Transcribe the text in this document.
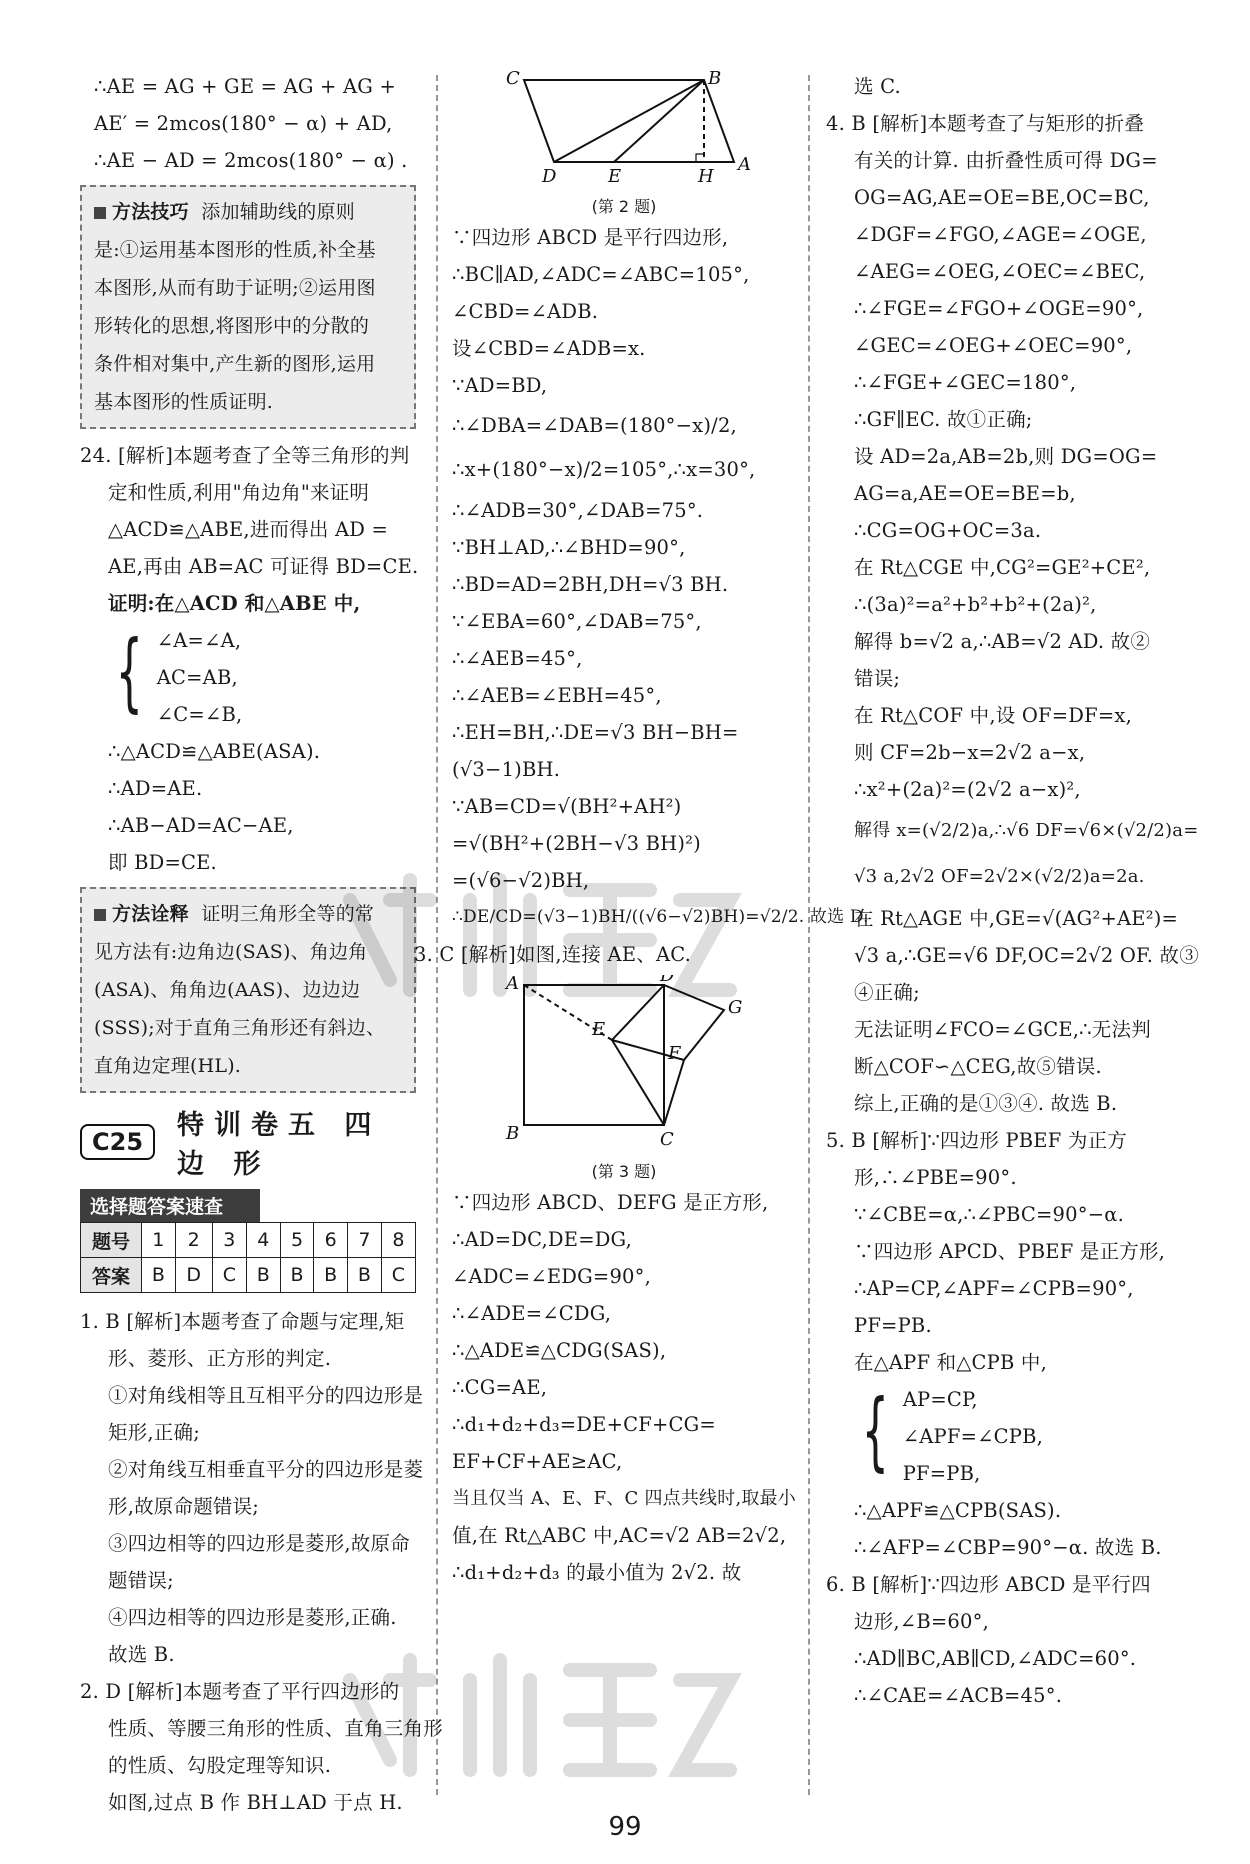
∴AE = AG + GE = AG + AG +
AE′ = 2mcos(180° − α) + AD,
∴AE − AD = 2mcos(180° − α) .
方法技巧 添加辅助线的原则
是:①运用基本图形的性质,补全基
本图形,从而有助于证明;②运用图
形转化的思想,将图形中的分散的
条件相对集中,产生新的图形,运用
基本图形的性质证明.
24. [解析]本题考查了全等三角形的判
定和性质,利用"角边角"来证明
△ACD≌△ABE,进而得出 AD =
AE,再由 AB=AC 可证得 BD=CE.
证明:在△ACD 和△ABE 中,
{ ∠A=∠A,
AC=AB,
∠C=∠B,
∴△ACD≌△ABE(ASA).
∴AD=AE.
∴AB−AD=AC−AE,
即 BD=CE.
方法诠释 证明三角形全等的常
见方法有:边角边(SAS)、角边角
(ASA)、角角边(AAS)、边边边
(SSS);对于直角三角形还有斜边、
直角边定理(HL).
C25
特训卷五 四 边 形
选择题答案速查
题号	1	2	3	4	5	6	7	8
答案	B	D	C	B	B	B	B	C
1. B [解析]本题考查了命题与定理,矩
形、菱形、正方形的判定.
①对角线相等且互相平分的四边形是
矩形,正确;
②对角线互相垂直平分的四边形是菱
形,故原命题错误;
③四边相等的四边形是菱形,故原命
题错误;
④四边相等的四边形是菱形,正确.
故选 B.
2. D [解析]本题考查了平行四边形的
性质、等腰三角形的性质、直角三角形
的性质、勾股定理等知识.
如图,过点 B 作 BH⊥AD 于点 H.
C	B
D	E	H
A
(第 2 题)
∵四边形 ABCD 是平行四边形,
∴BC∥AD,∠ADC=∠ABC=105°,
∠CBD=∠ADB.
设∠CBD=∠ADB=x.
∵AD=BD,
∴∠DBA=∠DAB=(180°−x)/2,
∴x+(180°−x)/2=105°,∴x=30°,
∴∠ADB=30°,∠DAB=75°.
∵BH⊥AD,∴∠BHD=90°,
∴BD=AD=2BH,DH=√3 BH.
∵∠EBA=60°,∠DAB=75°,
∴∠AEB=45°,
∴∠AEB=∠EBH=45°,
∴EH=BH,∴DE=√3 BH−BH=
(√3−1)BH.
∵AB=CD=√(BH²+AH²)
=√(BH²+(2BH−√3 BH)²)
=(√6−√2)BH,
∴DE/CD=(√3−1)BH/((√6−√2)BH)=√2/2. 故选 D.
3. C [解析]如图,连接 AE、AC.
A	D
G
E
F
B	C
(第 3 题)
∵四边形 ABCD、DEFG 是正方形,
∴AD=DC,DE=DG,
∠ADC=∠EDG=90°,
∴∠ADE=∠CDG,
∴△ADE≌△CDG(SAS),
∴CG=AE,
∴d₁+d₂+d₃=DE+CF+CG=
EF+CF+AE≥AC,
当且仅当 A、E、F、C 四点共线时,取最小
值,在 Rt△ABC 中,AC=√2 AB=2√2,
∴d₁+d₂+d₃ 的最小值为 2√2. 故
选 C.
4. B [解析]本题考查了与矩形的折叠
有关的计算. 由折叠性质可得 DG=
OG=AG,AE=OE=BE,OC=BC,
∠DGF=∠FGO,∠AGE=∠OGE,
∠AEG=∠OEG,∠OEC=∠BEC,
∴∠FGE=∠FGO+∠OGE=90°,
∠GEC=∠OEG+∠OEC=90°,
∴∠FGE+∠GEC=180°,
∴GF∥EC. 故①正确;
设 AD=2a,AB=2b,则 DG=OG=
AG=a,AE=OE=BE=b,
∴CG=OG+OC=3a.
在 Rt△CGE 中,CG²=GE²+CE²,
∴(3a)²=a²+b²+b²+(2a)²,
解得 b=√2 a,∴AB=√2 AD. 故②
错误;
在 Rt△COF 中,设 OF=DF=x,
则 CF=2b−x=2√2 a−x,
∴x²+(2a)²=(2√2 a−x)²,
解得 x=(√2/2)a,∴√6 DF=√6×(√2/2)a=
√3 a,2√2 OF=2√2×(√2/2)a=2a.
在 Rt△AGE 中,GE=√(AG²+AE²)=
√3 a,∴GE=√6 DF,OC=2√2 OF. 故③
④正确;
无法证明∠FCO=∠GCE,∴无法判
断△COF∽△CEG,故⑤错误.
综上,正确的是①③④. 故选 B.
5. B [解析]∵四边形 PBEF 为正方
形,∴∠PBE=90°.
∵∠CBE=α,∴∠PBC=90°−α.
∵四边形 APCD、PBEF 是正方形,
∴AP=CP,∠APF=∠CPB=90°,
PF=PB.
在△APF 和△CPB 中,
{ AP=CP,
∠APF=∠CPB,
PF=PB,
∴△APF≌△CPB(SAS).
∴∠AFP=∠CBP=90°−α. 故选 B.
6. B [解析]∵四边形 ABCD 是平行四
边形,∠B=60°,
∴AD∥BC,AB∥CD,∠ADC=60°.
∴∠CAE=∠ACB=45°.
99
